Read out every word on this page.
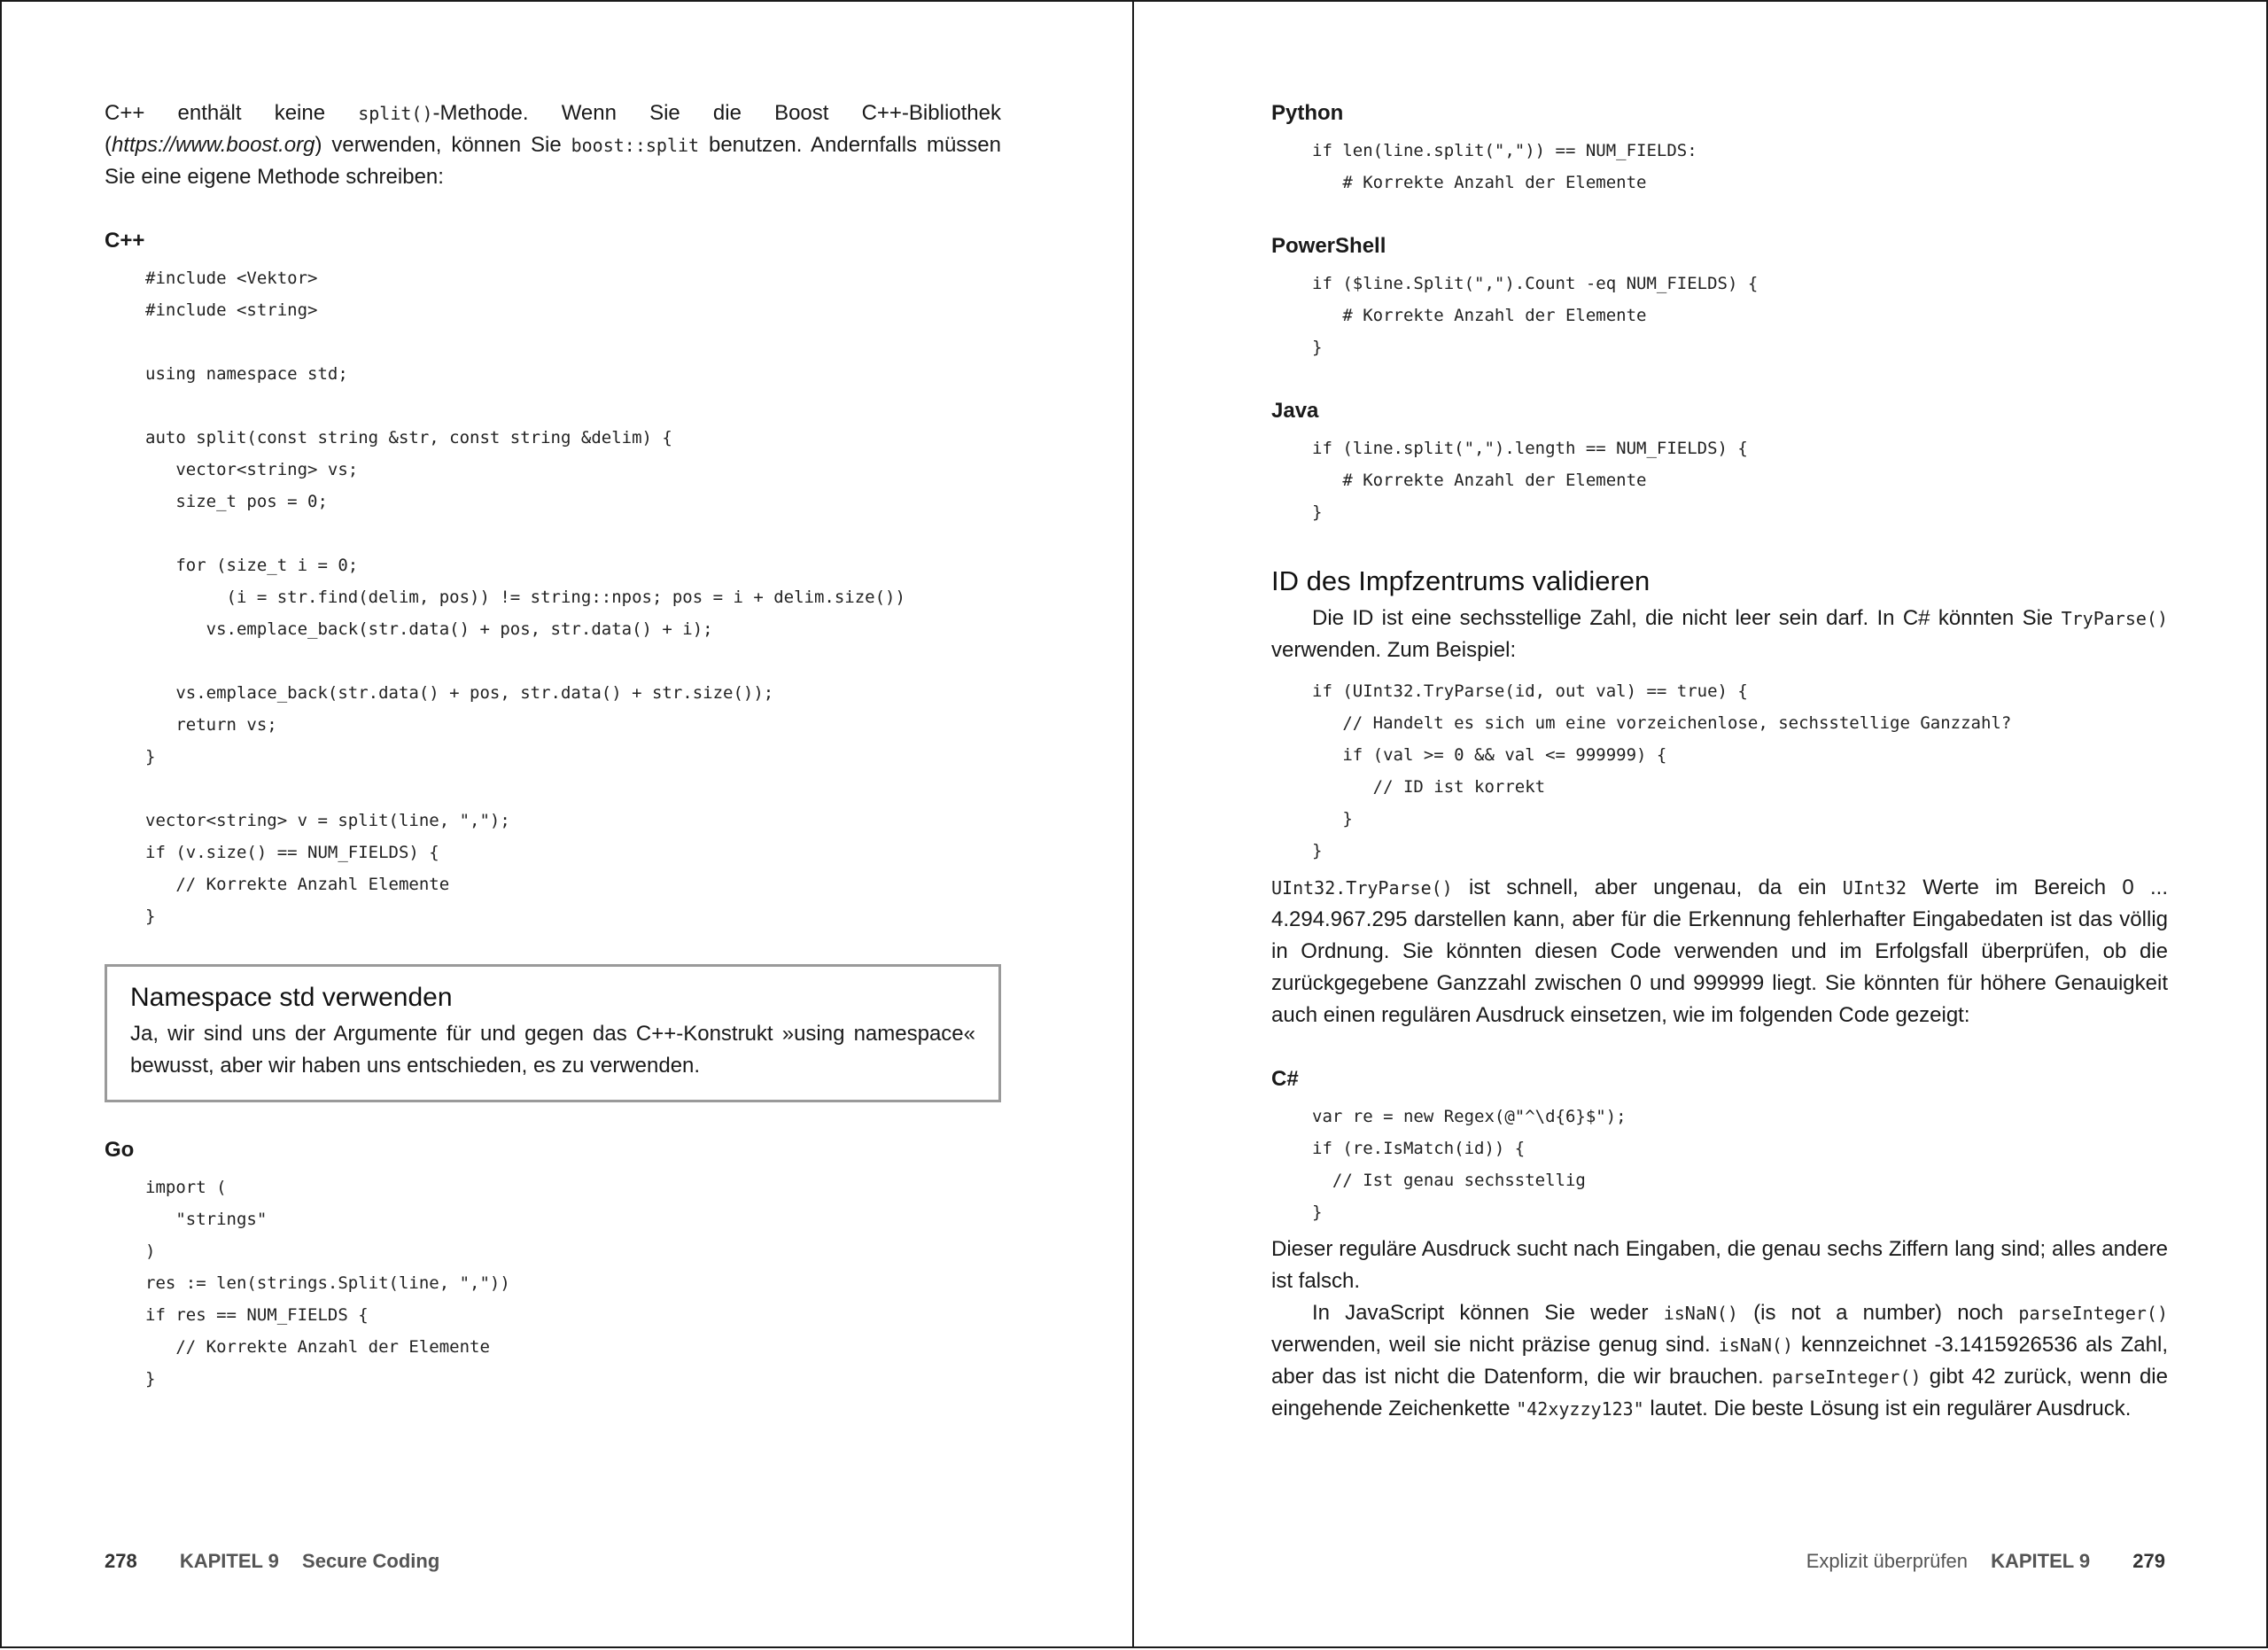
C++ enthält keine split()-Methode. Wenn Sie die Boost C++-Bibliothek (https://www.boost.org) verwenden, können Sie boost::split benutzen. Andernfalls müssen Sie eine eigene Methode schreiben:

C++
#include <Vektor>
#include <string>

using namespace std;

auto split(const string &str, const string &delim) {
vector<string> vs;
size_t pos = 0;

for (size_t i = 0;
(i = str.find(delim, pos)) != string::npos; pos = i + delim.size())
vs.emplace_back(str.data() + pos, str.data() + i);

vs.emplace_back(str.data() + pos, str.data() + str.size());
return vs;
}

vector<string> v = split(line, ",");
if (v.size() == NUM_FIELDS) {
// Korrekte Anzahl Elemente
}
Namespace std verwenden

Ja, wir sind uns der Argumente für und gegen das C++-Konstrukt »using namespace« bewusst, aber wir haben uns entschieden, es zu verwenden.

Go
import (
"strings"
)
res := len(strings.Split(line, ","))
if res == NUM_FIELDS {
// Korrekte Anzahl der Elemente
}
278 KAPITEL 9 Secure Coding
Python
if len(line.split(",")) == NUM_FIELDS:
# Korrekte Anzahl der Elemente
PowerShell
if ($line.Split(",").Count -eq NUM_FIELDS) {
# Korrekte Anzahl der Elemente
}
Java
if (line.split(",").length == NUM_FIELDS) {
# Korrekte Anzahl der Elemente
}
ID des Impfzentrums validieren

Die ID ist eine sechsstellige Zahl, die nicht leer sein darf. In C# könnten Sie TryParse() verwenden. Zum Beispiel:

if (UInt32.TryParse(id, out val) == true) {
// Handelt es sich um eine vorzeichenlose, sechsstellige Ganzzahl?
if (val >= 0 && val <= 999999) {
// ID ist korrekt
}
}

UInt32.TryParse() ist schnell, aber ungenau, da ein UInt32 Werte im Bereich 0 ... 4.294.967.295 darstellen kann, aber für die Erkennung fehlerhafter Eingabedaten ist das völlig in Ordnung. Sie könnten diesen Code verwenden und im Erfolgsfall überprüfen, ob die zurückgegebene Ganzzahl zwischen 0 und 999999 liegt. Sie könnten für höhere Genauigkeit auch einen regulären Ausdruck einsetzen, wie im folgenden Code gezeigt:

C#
var re = new Regex(@"^\d{6}$");
if (re.IsMatch(id)) {
// Ist genau sechsstellig
}

Dieser reguläre Ausdruck sucht nach Eingaben, die genau sechs Ziffern lang sind; alles andere ist falsch.

In JavaScript können Sie weder isNaN() (is not a number) noch parseInteger() verwenden, weil sie nicht präzise genug sind. isNaN() kennzeichnet -3.1415926536 als Zahl, aber das ist nicht die Datenform, die wir brauchen. parseInteger() gibt 42 zurück, wenn die eingehende Zeichenkette "42xyzzy123" lautet. Die beste Lösung ist ein regulärer Ausdruck.

Explizit überprüfen KAPITEL 9 279
